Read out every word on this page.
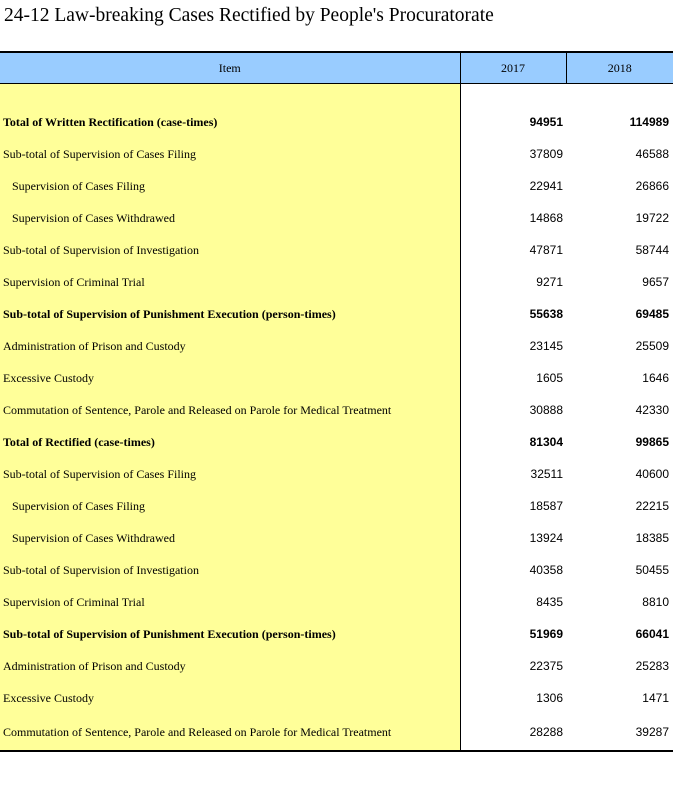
24-12 Law-breaking Cases Rectified by People's Procuratorate
Item	2017	2018

Total of Written Rectification (case-times)	94951	114989
Sub-total of Supervision of Cases Filing	37809	46588
Supervision of Cases Filing	22941	26866
Supervision of Cases Withdrawed	14868	19722
Sub-total of Supervision of Investigation	47871	58744
Supervision of Criminal Trial	9271	9657
Sub-total of Supervision of Punishment Execution (person-times)	55638	69485
Administration of Prison and Custody	23145	25509
Excessive Custody	1605	1646
Commutation of Sentence, Parole and Released on Parole for Medical Treatment	30888	42330
Total of Rectified (case-times)	81304	99865
Sub-total of Supervision of Cases Filing	32511	40600
Supervision of Cases Filing	18587	22215
Supervision of Cases Withdrawed	13924	18385
Sub-total of Supervision of Investigation	40358	50455
Supervision of Criminal Trial	8435	8810
Sub-total of Supervision of Punishment Execution (person-times)	51969	66041
Administration of Prison and Custody	22375	25283
Excessive Custody	1306	1471
Commutation of Sentence, Parole and Released on Parole for Medical Treatment	28288	39287
